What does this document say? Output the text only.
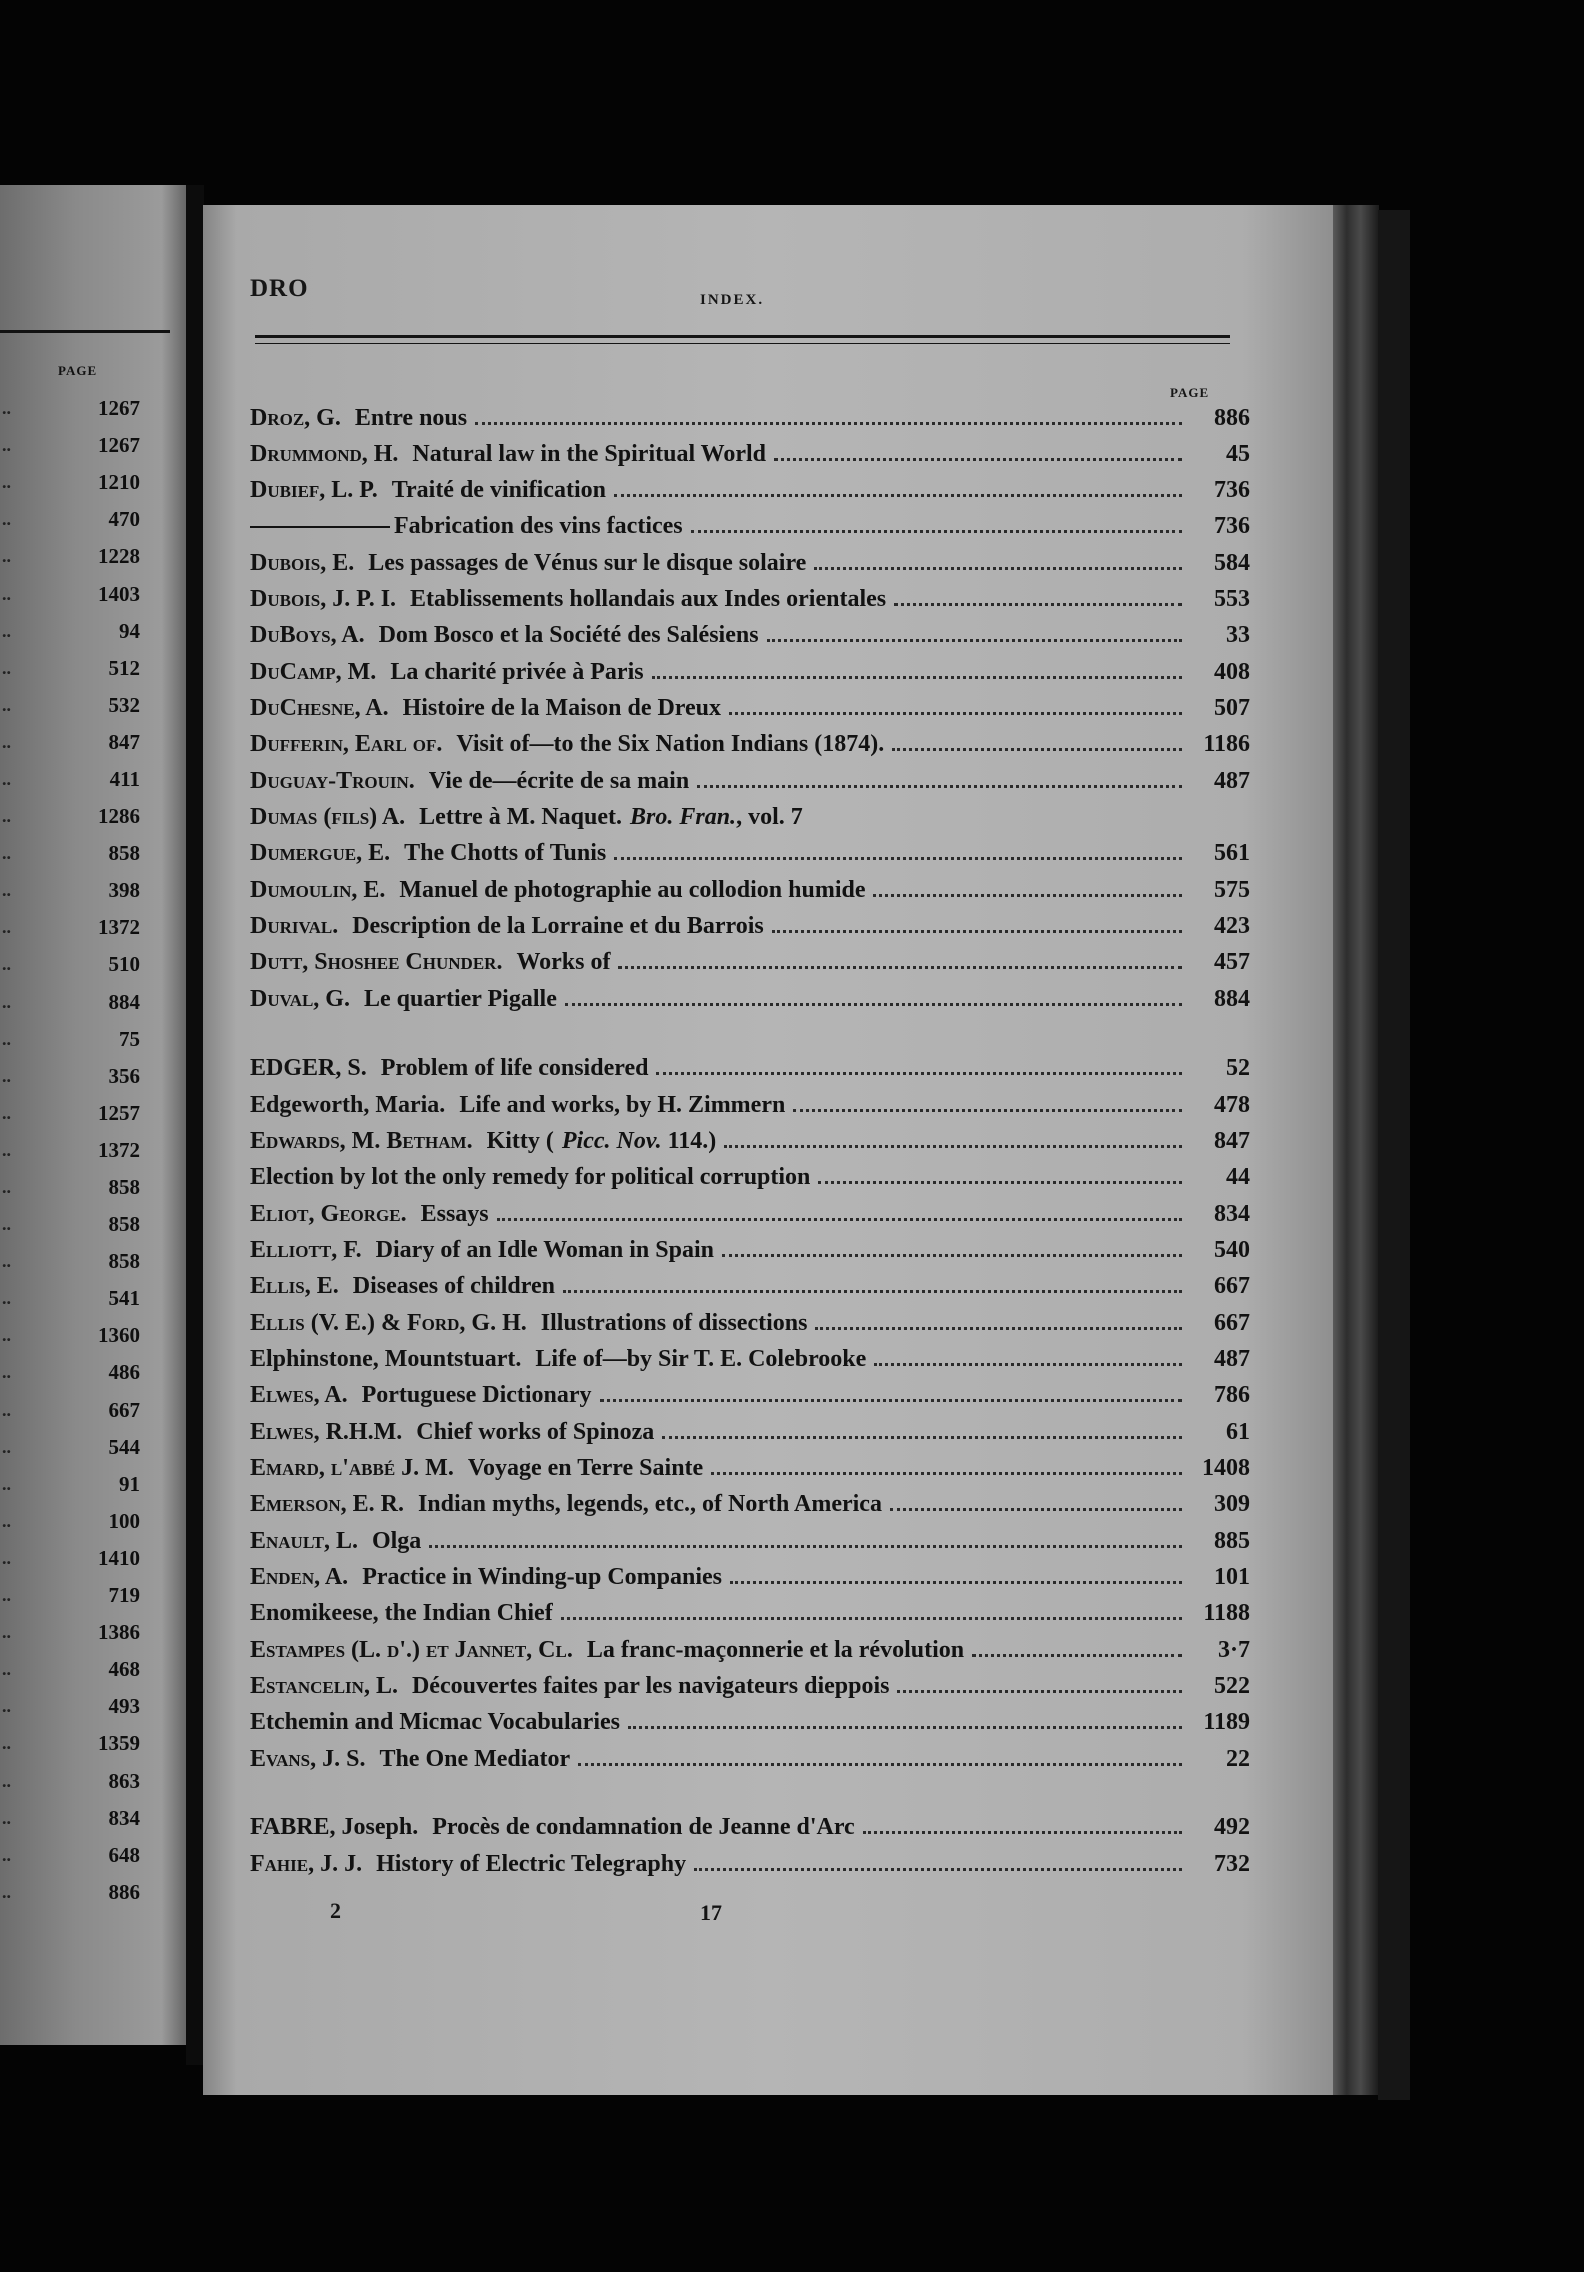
PAGE
..	1267
..	1267
..	1210
..	470
..	1228
..	1403
..	94
..	512
..	532
..	847
..	411
..	1286
..	858
..	398
..	1372
..	510
..	884
..	75
..	356
..	1257
..	1372
..	858
..	858
..	858
..	541
..	1360
..	486
..	667
..	544
..	91
..	100
..	1410
..	719
..	1386
..	468
..	493
..	1359
..	863
..	834
..	648
..	886
DRO	INDEX.
PAGE
Droz, G. Entre nous	886
Drummond, H. Natural law in the Spiritual World	45
Dubief, L. P. Traité de vinification	736
Fabrication des vins factices	736
Dubois, E. Les passages de Vénus sur le disque solaire	584
Dubois, J. P. I. Etablissements hollandais aux Indes orientales	553
DuBoys, A. Dom Bosco et la Société des Salésiens	33
DuCamp, M. La charité privée à Paris	408
DuChesne, A. Histoire de la Maison de Dreux	507
Dufferin, Earl of. Visit of—to the Six Nation Indians (1874).	1186
Duguay-Trouin. Vie de—écrite de sa main	487
Dumas (fils) A. Lettre à M. Naquet. Bro. Fran., vol. 7
Dumergue, E. The Chotts of Tunis	561
Dumoulin, E. Manuel de photographie au collodion humide	575
Durival. Description de la Lorraine et du Barrois	423
Dutt, Shoshee Chunder. Works of	457
Duval, G. Le quartier Pigalle	884
EDGER, S. Problem of life considered	52
Edgeworth, Maria. Life and works, by H. Zimmern	478
Edwards, M. Betham. Kitty ( Picc. Nov. 114.)	847
Election by lot the only remedy for political corruption	44
Eliot, George. Essays	834
Elliott, F. Diary of an Idle Woman in Spain	540
Ellis, E. Diseases of children	667
Ellis (V. E.) & Ford, G. H. Illustrations of dissections	667
Elphinstone, Mountstuart. Life of—by Sir T. E. Colebrooke	487
Elwes, A. Portuguese Dictionary	786
Elwes, R.H.M. Chief works of Spinoza	61
Emard, l'abbé J. M. Voyage en Terre Sainte	1408
Emerson, E. R. Indian myths, legends, etc., of North America	309
Enault, L. Olga	885
Enden, A. Practice in Winding-up Companies	101
Enomikeesе, the Indian Chief	1188
Estampes (L. d'.) et Jannet, Cl. La franc-maçonnerie et la révolution	3·7
Estancelin, L. Découvertes faites par les navigateurs dieppois	522
Etchemin and Micmac Vocabularies	1189
Evans, J. S. The One Mediator	22
FABRE, Joseph. Procès de condamnation de Jeanne d'Arc	492
Fahie, J. J. History of Electric Telegraphy	732
2	17
